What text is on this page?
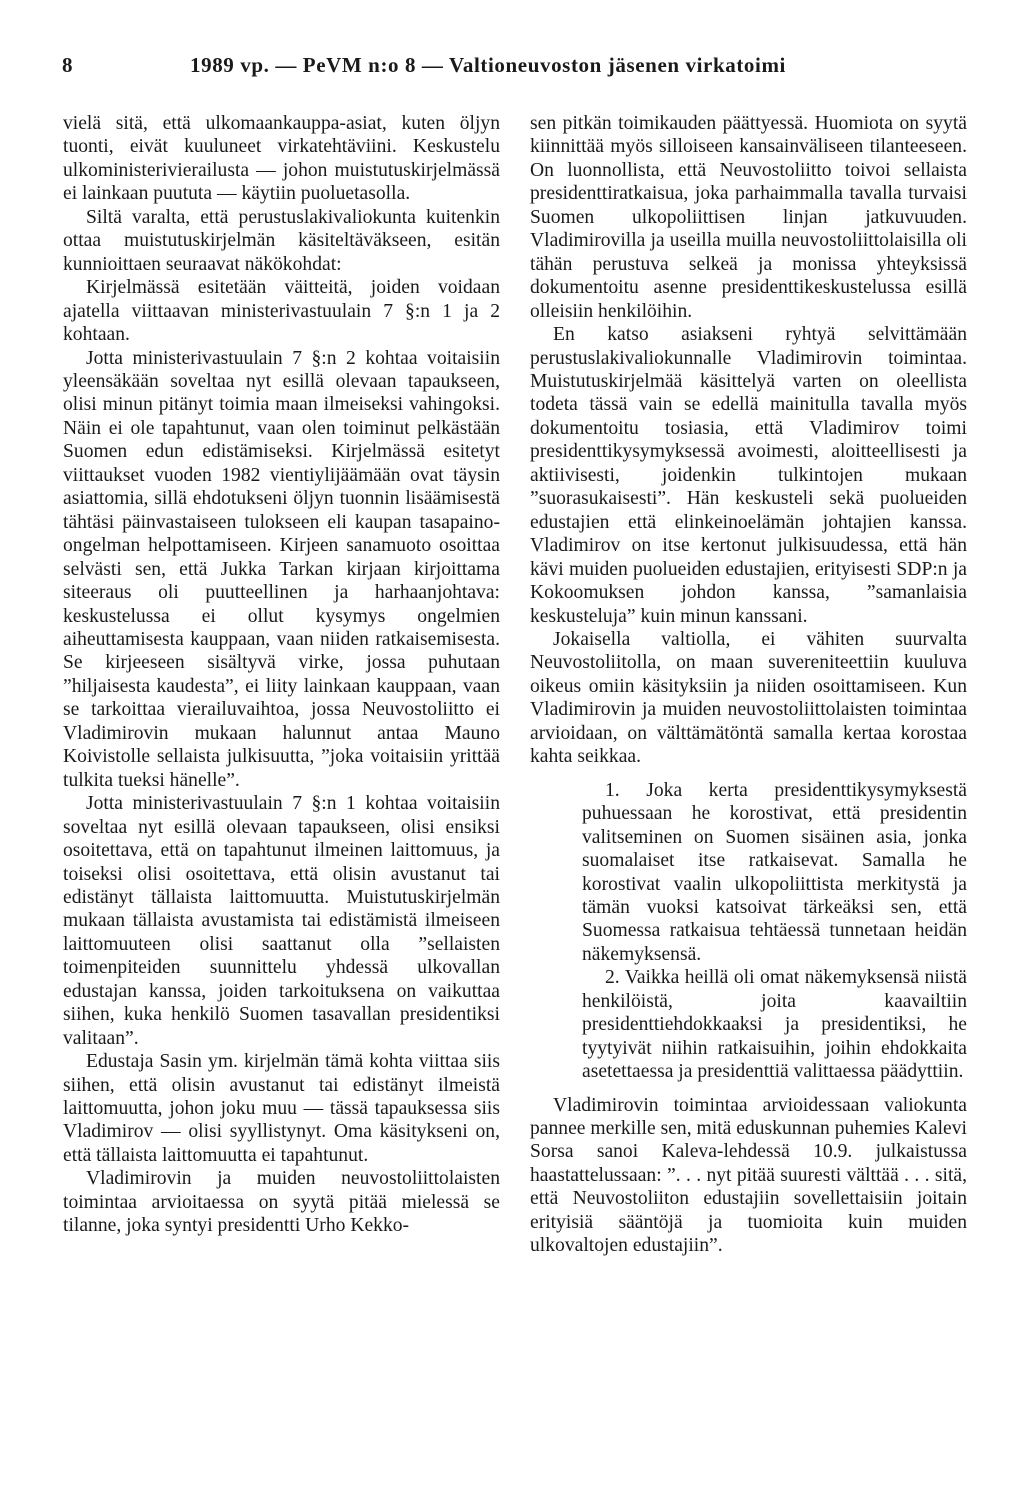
8	1989 vp. — PeVM n:o 8 — Valtioneuvoston jäsenen virkatoimi

vielä sitä, että ulkomaankauppa-asiat, kuten öljyn tuonti, eivät kuuluneet virkatehtäviini. Keskustelu ulkoministerivierailusta — johon muistutuskirjelmässä ei lainkaan puututa — käytiin puoluetasolla.

Siltä varalta, että perustuslakivaliokunta kuitenkin ottaa muistutuskirjelmän käsiteltäväkseen, esitän kunnioittaen seuraavat näkökohdat:

Kirjelmässä esitetään väitteitä, joiden voidaan ajatella viittaavan ministerivastuulain 7 §:n 1 ja 2 kohtaan.

Jotta ministerivastuulain 7 §:n 2 kohtaa voitaisiin yleensäkään soveltaa nyt esillä olevaan tapaukseen, olisi minun pitänyt toimia maan ilmeiseksi vahingoksi. Näin ei ole tapahtunut, vaan olen toiminut pelkästään Suomen edun edistämiseksi. Kirjelmässä esitetyt viittaukset vuoden 1982 vientiylijäämään ovat täysin asiattomia, sillä ehdotukseni öljyn tuonnin lisäämisestä tähtäsi päinvastaiseen tulokseen eli kaupan tasapaino-ongelman helpottamiseen. Kirjeen sanamuoto osoittaa selvästi sen, että Jukka Tarkan kirjaan kirjoittama siteeraus oli puutteellinen ja harhaanjohtava: keskustelussa ei ollut kysymys ongelmien aiheuttamisesta kauppaan, vaan niiden ratkaisemisesta. Se kirjeeseen sisältyvä virke, jossa puhutaan ”hiljaisesta kaudesta”, ei liity lainkaan kauppaan, vaan se tarkoittaa vierailuvaihtoa, jossa Neuvostoliitto ei Vladimirovin mukaan halunnut antaa Mauno Koivistolle sellaista julkisuutta, ”joka voitaisiin yrittää tulkita tueksi hänelle”.

Jotta ministerivastuulain 7 §:n 1 kohtaa voitaisiin soveltaa nyt esillä olevaan tapaukseen, olisi ensiksi osoitettava, että on tapahtunut ilmeinen laittomuus, ja toiseksi olisi osoitettava, että olisin avustanut tai edistänyt tällaista laittomuutta. Muistutuskirjelmän mukaan tällaista avustamista tai edistämistä ilmeiseen laittomuuteen olisi saattanut olla ”sellaisten toimenpiteiden suunnittelu yhdessä ulkovallan edustajan kanssa, joiden tarkoituksena on vaikuttaa siihen, kuka henkilö Suomen tasavallan presidentiksi valitaan”.

Edustaja Sasin ym. kirjelmän tämä kohta viittaa siis siihen, että olisin avustanut tai edistänyt ilmeistä laittomuutta, johon joku muu — tässä tapauksessa siis Vladimirov — olisi syyllistynyt. Oma käsitykseni on, että tällaista laittomuutta ei tapahtunut.

Vladimirovin ja muiden neuvostoliittolaisten toimintaa arvioitaessa on syytä pitää mielessä se tilanne, joka syntyi presidentti Urho Kekko-

sen pitkän toimikauden päättyessä. Huomiota on syytä kiinnittää myös silloiseen kansainväliseen tilanteeseen. On luonnollista, että Neuvostoliitto toivoi sellaista presidenttiratkaisua, joka parhaimmalla tavalla turvaisi Suomen ulkopoliittisen linjan jatkuvuuden. Vladimirovilla ja useilla muilla neuvostoliittolaisilla oli tähän perustuva selkeä ja monissa yhteyksissä dokumentoitu asenne presidenttikeskustelussa esillä olleisiin henkilöihin.

En katso asiakseni ryhtyä selvittämään perustuslakivaliokunnalle Vladimirovin toimintaa. Muistutuskirjelmää käsittelyä varten on oleellista todeta tässä vain se edellä mainitulla tavalla myös dokumentoitu tosiasia, että Vladimirov toimi presidenttikysymyksessä avoimesti, aloitteellisesti ja aktiivisesti, joidenkin tulkintojen mukaan ”suorasukaisesti”. Hän keskusteli sekä puolueiden edustajien että elinkeinoelämän johtajien kanssa. Vladimirov on itse kertonut julkisuudessa, että hän kävi muiden puolueiden edustajien, erityisesti SDP:n ja Kokoomuksen johdon kanssa, ”samanlaisia keskusteluja” kuin minun kanssani.

Jokaisella valtiolla, ei vähiten suurvalta Neuvostoliitolla, on maan suvereniteettiin kuuluva oikeus omiin käsityksiin ja niiden osoittamiseen. Kun Vladimirovin ja muiden neuvostoliittolaisten toimintaa arvioidaan, on välttämätöntä samalla kertaa korostaa kahta seikkaa.

1. Joka kerta presidenttikysymyksestä puhuessaan he korostivat, että presidentin valitseminen on Suomen sisäinen asia, jonka suomalaiset itse ratkaisevat. Samalla he korostivat vaalin ulkopoliittista merkitystä ja tämän vuoksi katsoivat tärkeäksi sen, että Suomessa ratkaisua tehtäessä tunnetaan heidän näkemyksensä.

2. Vaikka heillä oli omat näkemyksensä niistä henkilöistä, joita kaavailtiin presidenttiehdokkaaksi ja presidentiksi, he tyytyivät niihin ratkaisuihin, joihin ehdokkaita asetettaessa ja presidenttiä valittaessa päädyttiin.

Vladimirovin toimintaa arvioidessaan valiokunta pannee merkille sen, mitä eduskunnan puhemies Kalevi Sorsa sanoi Kaleva-lehdessä 10.9. julkaistussa haastattelussaan: ”. . . nyt pitää suuresti välttää . . . sitä, että Neuvostoliiton edustajiin sovellettaisiin joitain erityisiä sääntöjä ja tuomioita kuin muiden ulkovaltojen edustajiin”.
